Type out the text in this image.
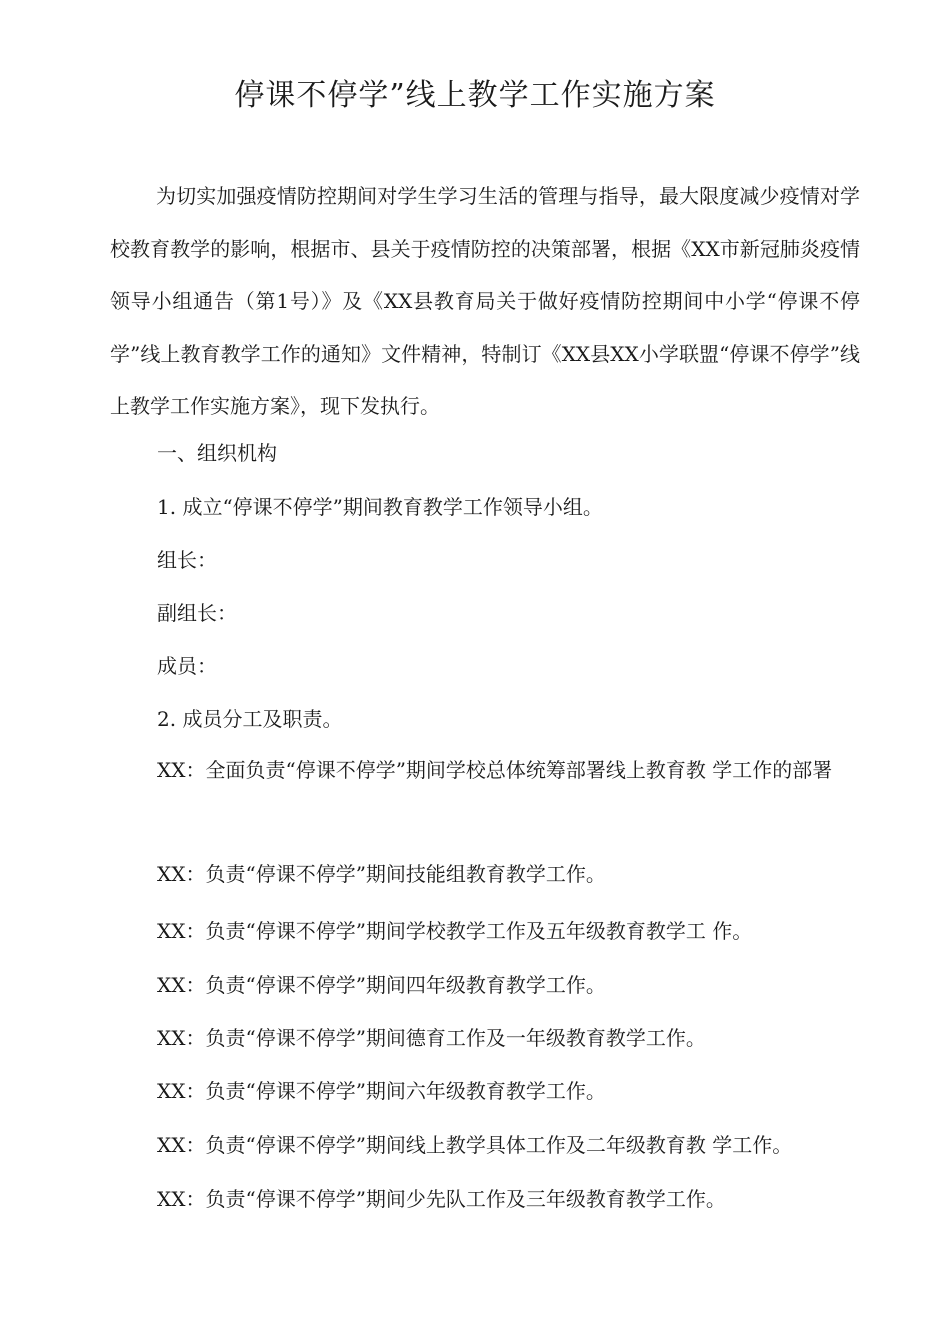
停课不停学”线上教学工作实施方案

为切实加强疫情防控期间对学生学习生活的管理与指导，最大限度减少疫情对学校教育教学的影响，根据市、县关于疫情防控的决策部署，根据《XX市新冠肺炎疫情领导小组通告（第1号）》及《XX县教育局关于做好疫情防控期间中小学“停课不停学”线上教育教学工作的通知》文件精神，特制订《XX县XX小学联盟“停课不停学”线上教学工作实施方案》，现下发执行。

一、组织机构

1. 成立“停课不停学”期间教育教学工作领导小组。

组长：

副组长：

成员：

2. 成员分工及职责。

XX：全面负责“停课不停学”期间学校总体统筹部署线上教育教 学工作的部署

XX：负责“停课不停学”期间技能组教育教学工作。

XX：负责“停课不停学”期间学校教学工作及五年级教育教学工 作。

XX：负责“停课不停学”期间四年级教育教学工作。

XX：负责“停课不停学”期间德育工作及一年级教育教学工作。

XX：负责“停课不停学”期间六年级教育教学工作。

XX：负责“停课不停学”期间线上教学具体工作及二年级教育教 学工作。

XX：负责“停课不停学”期间少先队工作及三年级教育教学工作。
